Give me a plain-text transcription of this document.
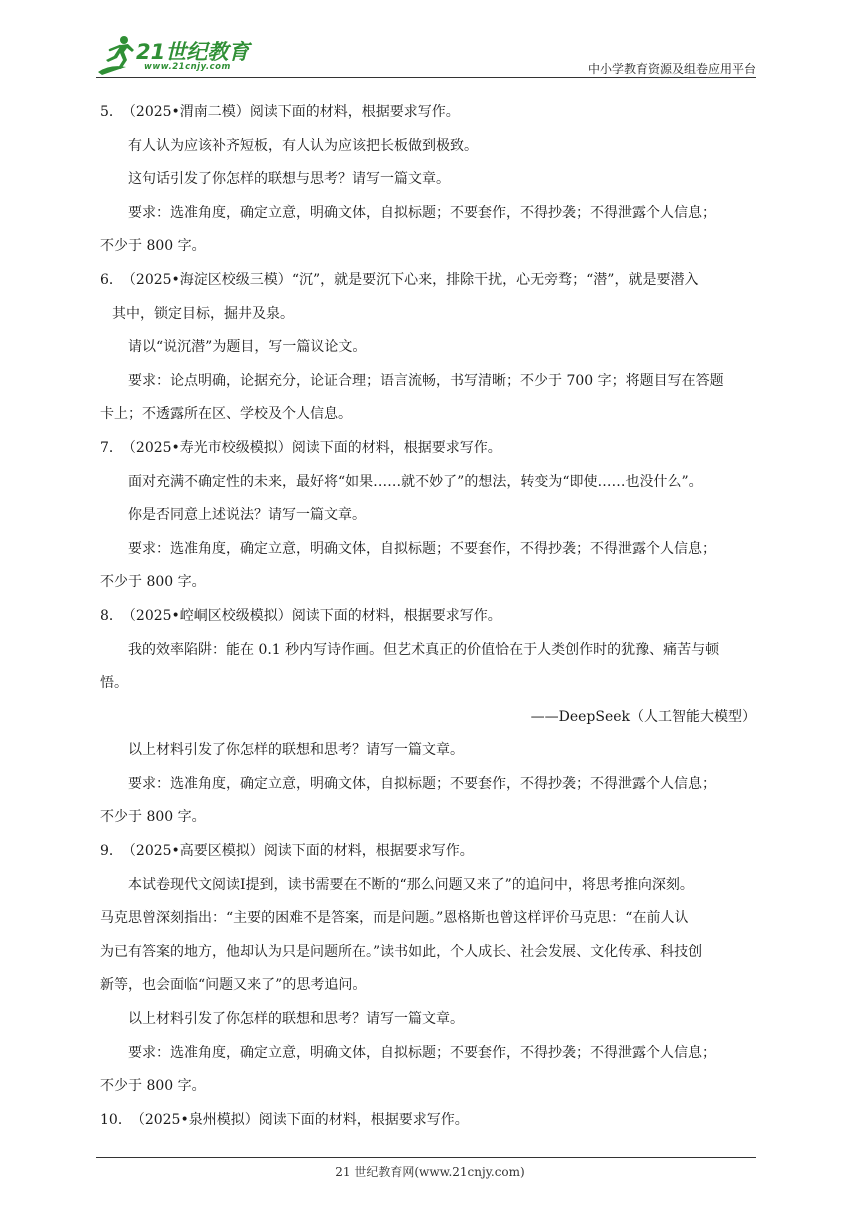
21世纪教育
www.21cnjy.com	中小学教育资源及组卷应用平台
5． （2025•渭南二模）阅读下面的材料，根据要求写作。
有人认为应该补齐短板，有人认为应该把长板做到极致。
这句话引发了你怎样的联想与思考？请写一篇文章。
要求：选准角度，确定立意，明确文体，自拟标题；不要套作，不得抄袭；不得泄露个人信息；
不少于 800 字。
6． （2025•海淀区校级三模）“沉”，就是要沉下心来，排除干扰，心无旁骛；“潜”，就是要潜入
其中，锁定目标，掘井及泉。
请以“说沉潜”为题目，写一篇议论文。
要求：论点明确，论据充分，论证合理；语言流畅，书写清晰；不少于 700 字；将题目写在答题
卡上；不透露所在区、学校及个人信息。
7． （2025•寿光市校级模拟）阅读下面的材料，根据要求写作。
面对充满不确定性的未来，最好将“如果……就不妙了”的想法，转变为“即使……也没什么”。
你是否同意上述说法？请写一篇文章。
要求：选准角度，确定立意，明确文体，自拟标题；不要套作，不得抄袭；不得泄露个人信息；
不少于 800 字。
8． （2025•崆峒区校级模拟）阅读下面的材料，根据要求写作。
我的效率陷阱：能在 0.1 秒内写诗作画。但艺术真正的价值恰在于人类创作时的犹豫、痛苦与顿
悟。
——DeepSeek（人工智能大模型）
以上材料引发了你怎样的联想和思考？请写一篇文章。
要求：选准角度，确定立意，明确文体，自拟标题；不要套作，不得抄袭；不得泄露个人信息；
不少于 800 字。
9． （2025•高要区模拟）阅读下面的材料，根据要求写作。
本试卷现代文阅读Ⅰ提到，读书需要在不断的“那么问题又来了”的追问中，将思考推向深刻。
马克思曾深刻指出：“主要的困难不是答案，而是问题。”恩格斯也曾这样评价马克思：“在前人认
为已有答案的地方，他却认为只是问题所在。”读书如此，个人成长、社会发展、文化传承、科技创
新等，也会面临“问题又来了”的思考追问。
以上材料引发了你怎样的联想和思考？请写一篇文章。
要求：选准角度，确定立意，明确文体，自拟标题；不要套作，不得抄袭；不得泄露个人信息；
不少于 800 字。
10． （2025•泉州模拟）阅读下面的材料，根据要求写作。
21 世纪教育网(www.21cnjy.com)
